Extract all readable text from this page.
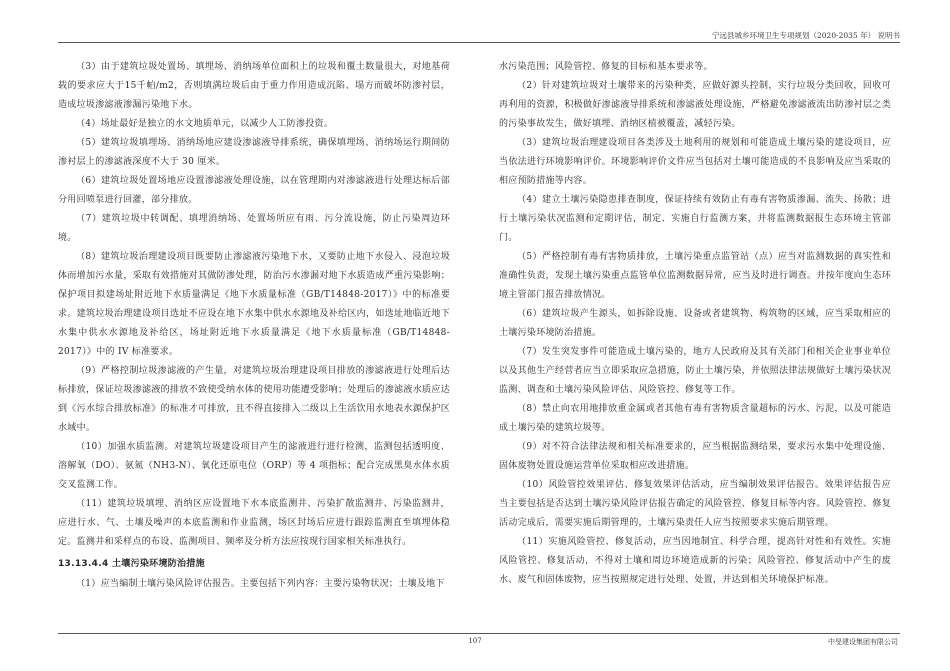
宁远县城乡环境卫生专项规划（2020-2035 年） 说明书

（3）由于建筑垃圾处置场、填埋场、消纳场单位面积上的垃圾和覆土数量很大，对地基荷载的要求应大于15千帕/m2，否则填满垃圾后由于重力作用造成沉陷、塌方而破坏防渗衬层，造成垃圾渗滤液渗漏污染地下水。

（4）场址最好是独立的水文地质单元，以减少人工防渗投资。

（5）建筑垃圾填埋场、消纳场地应建设渗滤液导排系统，确保填埋场、消纳场运行期间防渗衬层上的渗滤液深度不大于 30 厘米。

（6）建筑垃圾处置场地应设置渗滤液处理设施，以在管理期内对渗滤液进行处理达标后部分用回喷泵进行回灌，部分排放。

（7）建筑垃圾中转调配、填埋消纳场、处置场所应有雨、污分流设施，防止污染周边环境。

（8）建筑垃圾治理建设项目既要防止渗滤液污染地下水，又要防止地下水侵入、浸泡垃圾体而增加污水量，采取有效措施对其做防渗处理，防治污水渗漏对地下水质造成严重污染影响；保护项目拟建场址附近地下水质量满足《地下水质量标准（GB/T14848-2017）》中的标准要求。建筑垃圾治理建设项目选址不应设在地下水集中供水水源地及补给区内，如选址地临近地下水集中供水水源地及补给区，场址附近地下水质量满足《地下水质量标准（GB/T14848-2017）》中的 IV 标准要求。

（9）严格控制垃圾渗滤液的产生量，对建筑垃圾治理建设项目排放的渗滤液进行处理后达标排放，保证垃圾渗滤液的排放不致使受纳水体的使用功能遭受影响；处理后的渗滤液水质应达到《污水综合排放标准》的标准才可排放，且不得直接排入二级以上生活饮用水地表水源保护区水域中。

（10）加强水质监测。对建筑垃圾建设项目产生的滤液进行进行检测，监测包括透明度、溶解氧（DO）、氨氮（NH3-N）、氧化还原电位（ORP）等 4 项指标；配合完成黑臭水体水质交叉监测工作。

（11）建筑垃圾填埋、消纳区应设置地下水本底监测井、污染扩散监测井、污染监测井，应进行水、气、土壤及噪声的本底监测和作业监测，场区封场后应进行跟踪监测直至填埋体稳定。监测井和采样点的布设、监测项目、频率及分析方法应按现行国家相关标准执行。

13.13.4.4 土壤污染环境防治措施

（1）应当编制土壤污染风险评估报告。主要包括下列内容：主要污染物状况；土壤及地下

水污染范围；风险管控、修复的目标和基本要求等。

（2）针对建筑垃圾对土壤带来的污染种类，应做好源头控制，实行垃圾分类回收，回收可再利用的资源，积极做好渗滤液导排系统和渗滤液处理设施，严格避免渗滤液流出防渗衬层之类的污染事故发生，做好填埋、消纳区植被覆盖，减轻污染。

（3）建筑垃圾治理建设项目各类涉及土地利用的规划和可能造成土壤污染的建设项目，应当依法进行环境影响评价。环境影响评价文件应当包括对土壤可能造成的不良影响及应当采取的相应预防措施等内容。

（4）建立土壤污染隐患排查制度，保证持续有效防止有毒有害物质渗漏、流失、扬散；进行土壤污染状况监测和定期评估，制定、实施自行监测方案，并将监测数据报生态环境主管部门。

（5）严格控制有毒有害物质排放，土壤污染重点监管站（点）应当对监测数据的真实性和准确性负责，发现土壤污染重点监管单位监测数据异常，应当及时进行调查。并按年度向生态环境主管部门报告排放情况。

（6）建筑垃圾产生源头，如拆除设施、设备或者建筑物、构筑物的区域，应当采取相应的土壤污染环境防治措施。

（7）发生突发事件可能造成土壤污染的，地方人民政府及其有关部门和相关企业事业单位以及其他生产经营者应当立即采取应急措施，防止土壤污染，并依照法律法规做好土壤污染状况监测、调查和土壤污染风险评估、风险管控、修复等工作。

（8）禁止向农用地排放重金属或者其他有毒有害物质含量超标的污水、污泥，以及可能造成土壤污染的建筑垃圾等。

（9）对不符合法律法规和相关标准要求的，应当根据监测结果，要求污水集中处理设施、固体废物处置设施运营单位采取相应改进措施。

（10）风险管控效果评估、修复效果评估活动，应当编制效果评估报告。效果评估报告应当主要包括是否达到土壤污染风险评估报告确定的风险管控、修复目标等内容。风险管控、修复活动完成后，需要实施后期管理的，土壤污染责任人应当按照要求实施后期管理。

（11）实施风险管控、修复活动，应当因地制宜、科学合理，提高针对性和有效性。实施风险管控、修复活动，不得对土壤和周边环境造成新的污染；风险管控、修复活动中产生的废水、废气和固体废物，应当按照规定进行处理、处置，并达到相关环境保护标准。

107	中旻建设集团有限公司
